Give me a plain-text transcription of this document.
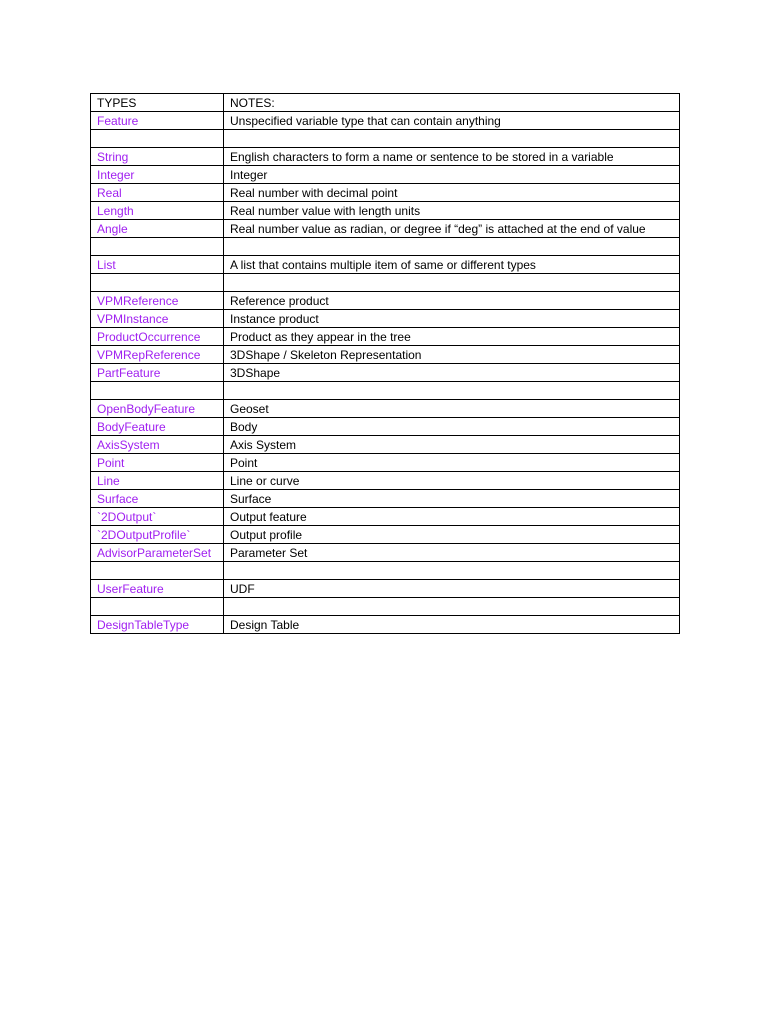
TYPES	NOTES:
Feature	Unspecified variable type that can contain anything

String	English characters to form a name or sentence to be stored in a variable
Integer	Integer
Real	Real number with decimal point
Length	Real number value with length units
Angle	Real number value as radian, or degree if “deg” is attached at the end of value

List	A list that contains multiple item of same or different types

VPMReference	Reference product
VPMInstance	Instance product
ProductOccurrence	Product as they appear in the tree
VPMRepReference	3DShape / Skeleton Representation
PartFeature	3DShape

OpenBodyFeature	Geoset
BodyFeature	Body
AxisSystem	Axis System
Point	Point
Line	Line or curve
Surface	Surface
`2DOutput`	Output feature
`2DOutputProfile`	Output profile
AdvisorParameterSet	Parameter Set

UserFeature	UDF

DesignTableType	Design Table
